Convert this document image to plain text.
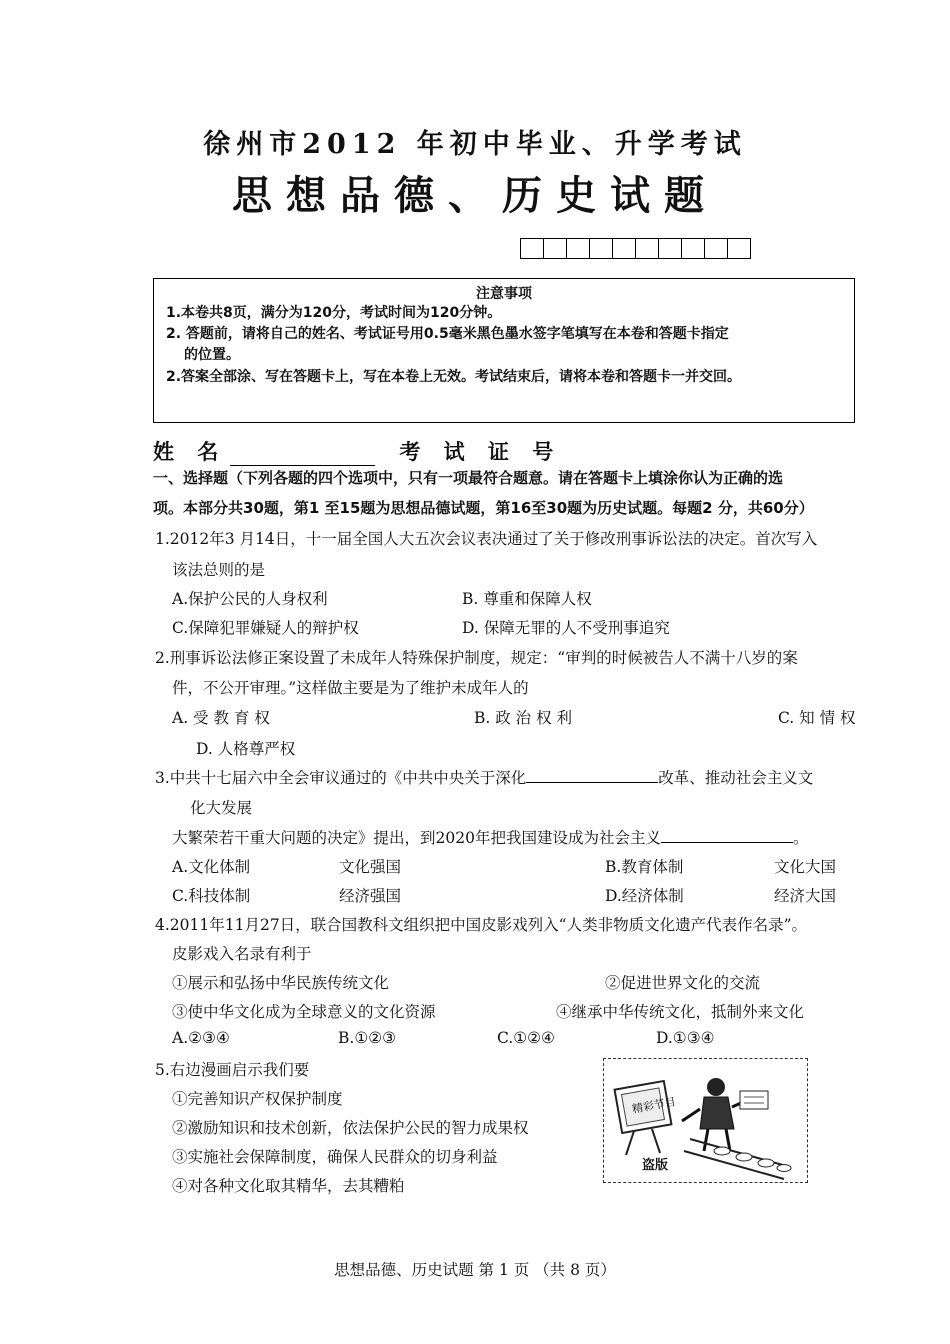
徐州市2012 年初中毕业、升学考试
思想品德、历史试题
注意事项
1.本卷共8页，满分为120分，考试时间为120分钟。
2. 答题前，请将自己的姓名、考试证号用0.5毫米黑色墨水签字笔填写在本卷和答题卡指定
的位置。
2.答案全部涂、写在答题卡上，写在本卷上无效。考试结束后，请将本卷和答题卡一并交回。
姓 名	考 试 证 号
一、选择题（下列各题的四个选项中，只有一项最符合题意。请在答题卡上填涂你认为正确的选
项。本部分共30题，第1 至15题为思想品德试题，第16至30题为历史试题。每题2 分，共60分）
1.2012年3 月14日，十一届全国人大五次会议表决通过了关于修改刑事诉讼法的决定。首次写入
该法总则的是
A.保护公民的人身权利	B. 尊重和保障人权
C.保障犯罪嫌疑人的辩护权	D. 保障无罪的人不受刑事追究
2.刑事诉讼法修正案设置了未成年人特殊保护制度，规定：“审判的时候被告人不满十八岁的案
件，不公开审理。”这样做主要是为了维护未成年人的
A. 受 教 育 权	B. 政 治 权 利	C. 知 情 权
D. 人格尊严权
3.中共十七届六中全会审议通过的《中共中央关于深化	改革、推动社会主义文
化大发展
大繁荣若干重大问题的决定》提出，到2020年把我国建设成为社会主义	。
A.文化体制	文化强国	B.教育体制	文化大国
C.科技体制	经济强国	D.经济体制	经济大国
4.2011年11月27日，联合国教科文组织把中国皮影戏列入“人类非物质文化遗产代表作名录”。
皮影戏入名录有利于
①展示和弘扬中华民族传统文化	②促进世界文化的交流
③使中华文化成为全球意义的文化资源	④继承中华传统文化，抵制外来文化
A.②③④	B.①②③	C.①②④	D.①③④
5.右边漫画启示我们要
①完善知识产权保护制度
②激励知识和技术创新，依法保护公民的智力成果权
③实施社会保障制度，确保人民群众的切身利益
④对各种文化取其精华，去其糟粕
精彩节目
盗版
思想品德、历史试题 第 1 页 （共 8 页）
